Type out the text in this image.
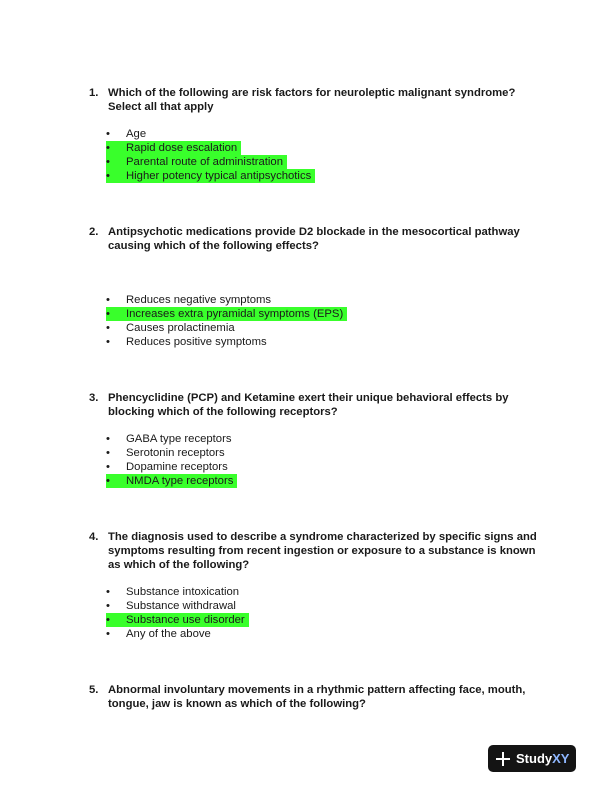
1. Which of the following are risk factors for neuroleptic malignant syndrome? Select all that apply
•	Age
•	Rapid dose escalation
•	Parental route of administration
•	Higher potency typical antipsychotics
2. Antipsychotic medications provide D2 blockade in the mesocortical pathway causing which of the following effects?
•	Reduces negative symptoms
•	Increases extra pyramidal symptoms (EPS)
•	Causes prolactinemia
•	Reduces positive symptoms
3. Phencyclidine (PCP) and Ketamine exert their unique behavioral effects by blocking which of the following receptors?
•	GABA type receptors
•	Serotonin receptors
•	Dopamine receptors
•	NMDA type receptors
4. The diagnosis used to describe a syndrome characterized by specific signs and symptoms resulting from recent ingestion or exposure to a substance is known as which of the following?
•	Substance intoxication
•	Substance withdrawal
•	Substance use disorder
•	Any of the above
5. Abnormal involuntary movements in a rhythmic pattern affecting face, mouth, tongue, jaw is known as which of the following?
StudyXY
